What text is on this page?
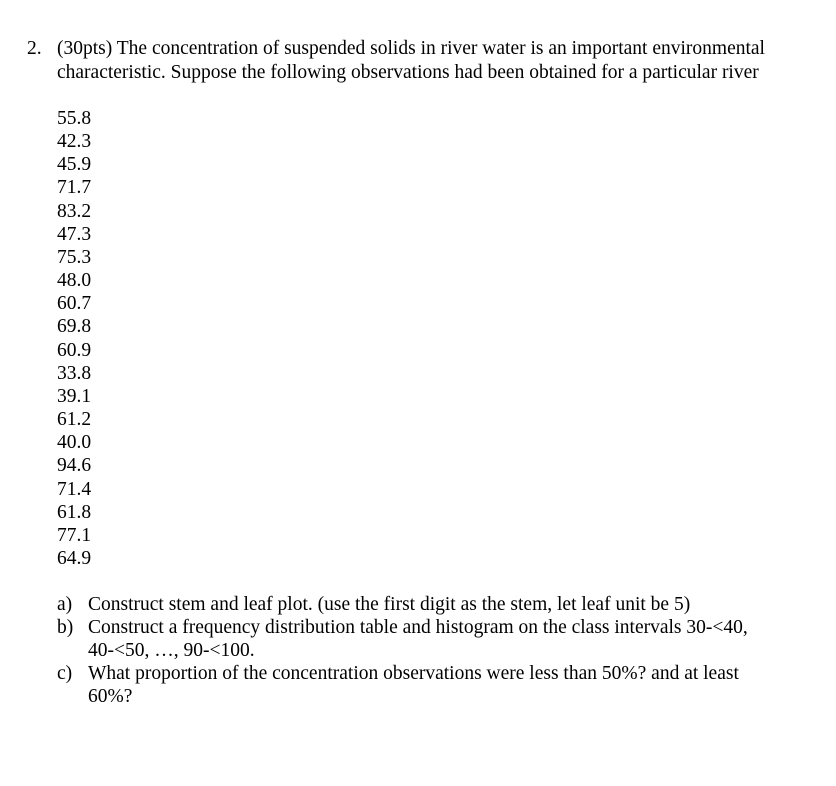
2. (30pts) The concentration of suspended solids in river water is an important environmental
characteristic. Suppose the following observations had been obtained for a particular river
55.8
42.3
45.9
71.7
83.2
47.3
75.3
48.0
60.7
69.8
60.9
33.8
39.1
61.2
40.0
94.6
71.4
61.8
77.1
64.9
a) Construct stem and leaf plot. (use the first digit as the stem, let leaf unit be 5)
b) Construct a frequency distribution table and histogram on the class intervals 30-<40,
40-<50, …, 90-<100.
c) What proportion of the concentration observations were less than 50%? and at least
60%?
